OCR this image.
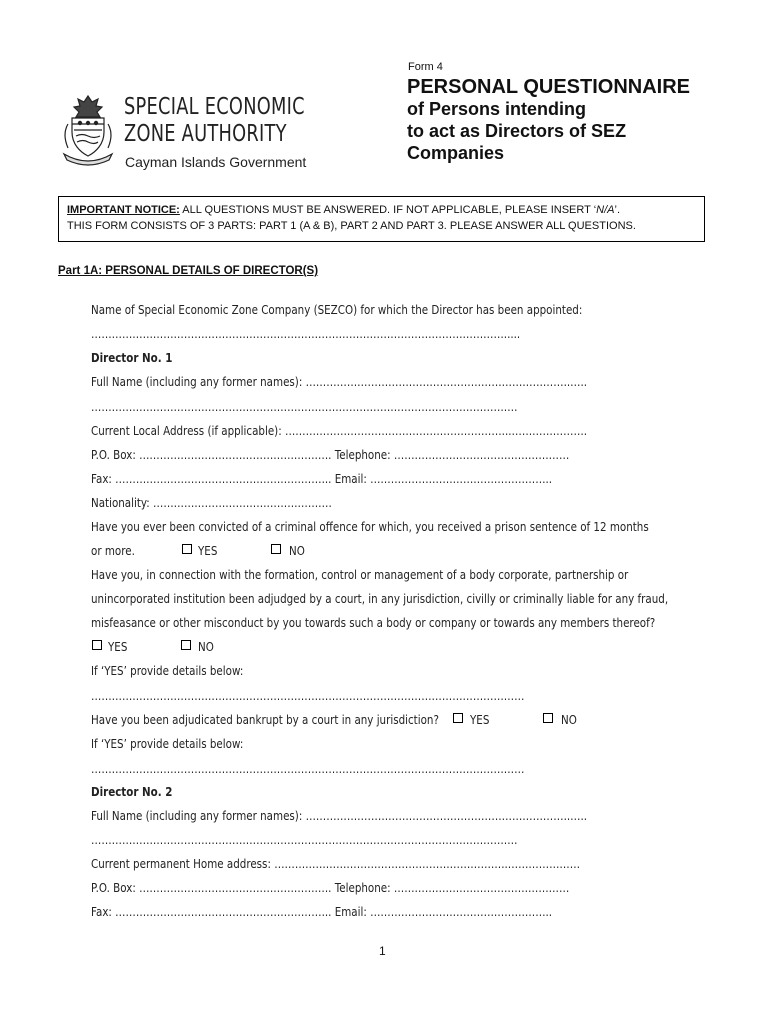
SPECIAL ECONOMIC
ZONE AUTHORITY
Cayman Islands Government
Form 4
PERSONAL QUESTIONNAIRE
of Persons intending
to act as Directors of SEZ
Companies
IMPORTANT NOTICE: ALL QUESTIONS MUST BE ANSWERED. IF NOT APPLICABLE, PLEASE INSERT ‘N/A’.
THIS FORM CONSISTS OF 3 PARTS: PART 1 (A & B), PART 2 AND PART 3. PLEASE ANSWER ALL QUESTIONS.
Part 1A: PERSONAL DETAILS OF DIRECTOR(S)
Name of Special Economic Zone Company (SEZCO) for which the Director has been appointed:
………………………………………………………………………………………………………….....
Director No. 1
Full Name (including any former names): …………………………………………………………………..…..
…………………………………………………………………………………………………………….
Current Local Address (if applicable): ………………………………………………………...………………….
P.O. Box: ……………………………………………….. Telephone: ……………………………………………
Fax: ……………………………………………………... Email: ……………………………………………..
Nationality: …………………………………………….
Have you ever been convicted of a criminal offence for which, you received a prison sentence of 12 months
or more.	YES	NO
Have you, in connection with the formation, control or management of a body corporate, partnership or
unincorporated institution been adjudged by a court, in any jurisdiction, civilly or criminally liable for any fraud,
misfeasance or other misconduct by you towards such a body or company or towards any members thereof?
YES	NO
If ‘YES’ provide details below:
………………………………………………………………………………………………………………
Have you been adjudicated bankrupt by a court in any jurisdiction?	YES	NO
If ‘YES’ provide details below:
………………………………………………………………………………………………………………
Director No. 2
Full Name (including any former names): …………………………………………………………………..…..
…………………………………………………………………………………………………………….
Current permanent Home address: …………………………………………………………..…………………
P.O. Box: ……………………………………………….. Telephone: ……………………………………………
Fax: ……………………………………………………... Email: ……………………………………………..
1
